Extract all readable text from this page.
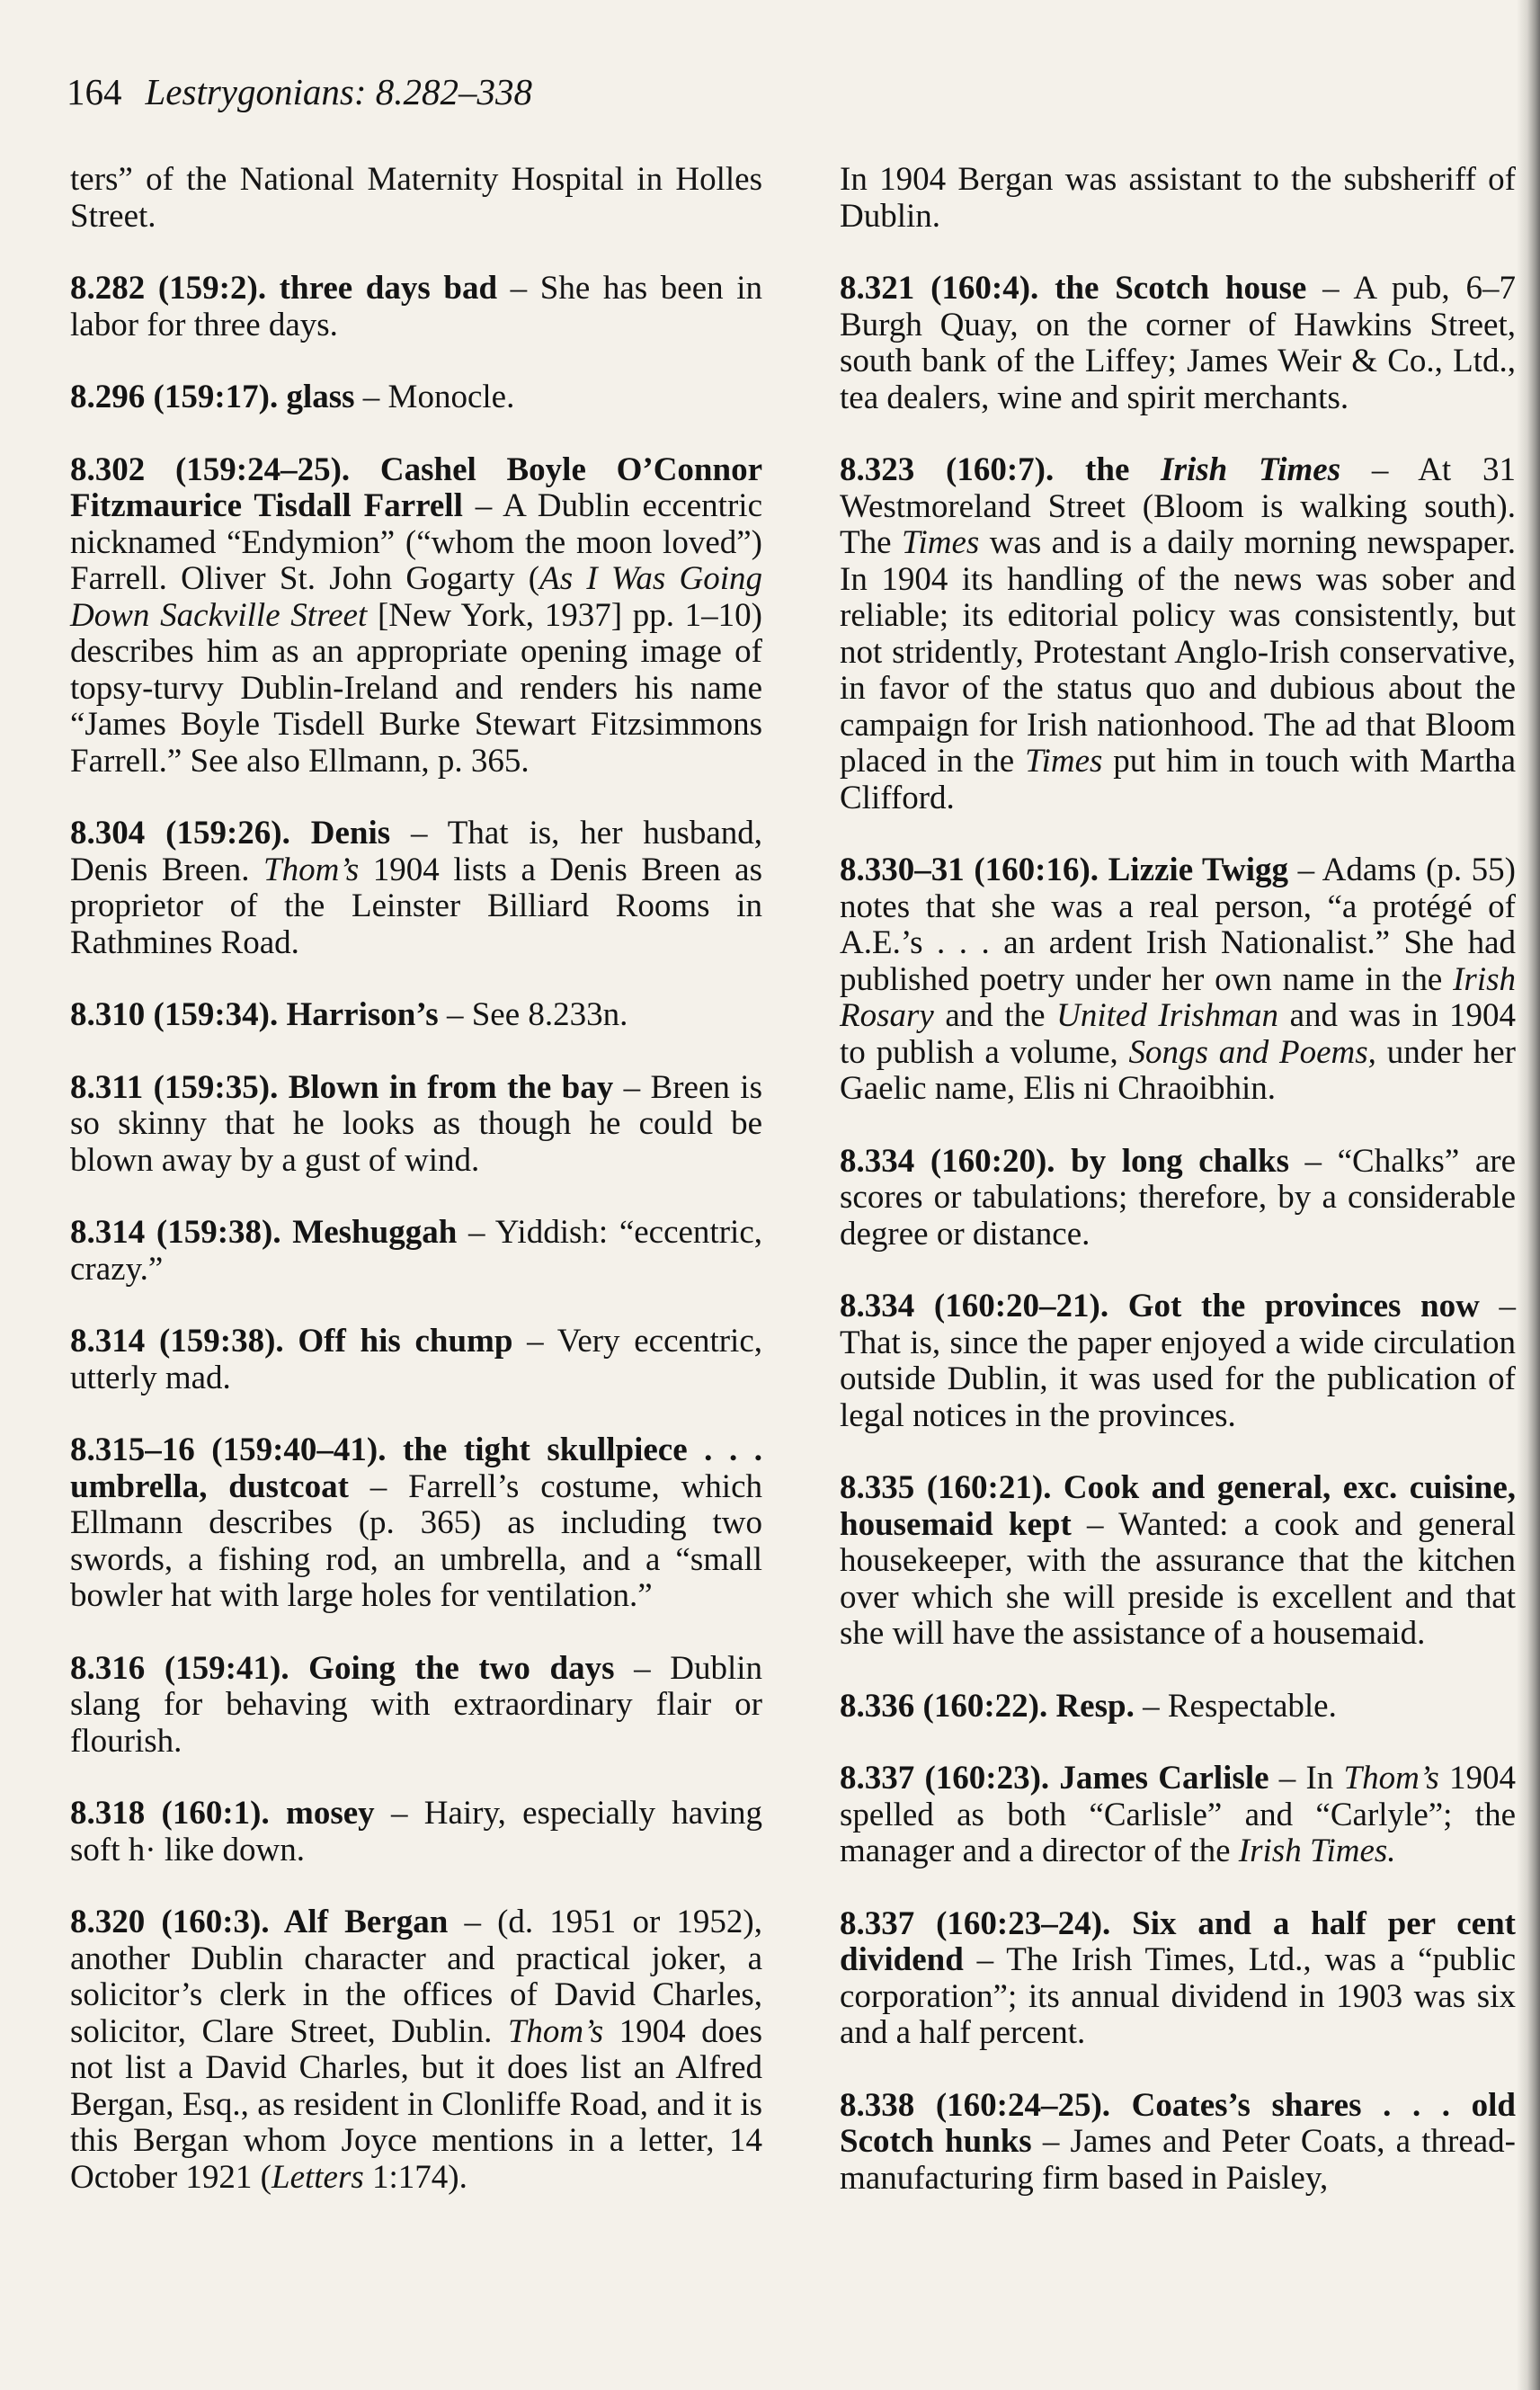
164 Lestrygonians: 8.282–338

ters” of the National Maternity Hospital in Holles Street.

8.282 (159:2). three days bad – She has been in labor for three days.

8.296 (159:17). glass – Monocle.

8.302 (159:24–25). Cashel Boyle O’Connor Fitzmaurice Tisdall Farrell – A Dublin eccentric nicknamed “Endymion” (“whom the moon loved”) Farrell. Oliver St. John Gogarty (As I Was Going Down Sackville Street [New York, 1937] pp. 1–10) describes him as an appropriate opening image of topsy-turvy Dublin-Ireland and renders his name “James Boyle Tisdell Burke Stewart Fitzsimmons Farrell.” See also Ellmann, p. 365.

8.304 (159:26). Denis – That is, her husband, Denis Breen. Thom’s 1904 lists a Denis Breen as proprietor of the Leinster Billiard Rooms in Rathmines Road.

8.310 (159:34). Harrison’s – See 8.233n.

8.311 (159:35). Blown in from the bay – Breen is so skinny that he looks as though he could be blown away by a gust of wind.

8.314 (159:38). Meshuggah – Yiddish: “eccentric, crazy.”

8.314 (159:38). Off his chump – Very eccentric, utterly mad.

8.315–16 (159:40–41). the tight skullpiece . . . umbrella, dustcoat – Farrell’s costume, which Ellmann describes (p. 365) as including two swords, a fishing rod, an umbrella, and a “small bowler hat with large holes for ventilation.”

8.316 (159:41). Going the two days – Dublin slang for behaving with extraordinary flair or flourish.

8.318 (160:1). mosey – Hairy, especially having soft h· like down.

8.320 (160:3). Alf Bergan – (d. 1951 or 1952), another Dublin character and practical joker, a solicitor’s clerk in the offices of David Charles, solicitor, Clare Street, Dublin. Thom’s 1904 does not list a David Charles, but it does list an Alfred Bergan, Esq., as resident in Clonliffe Road, and it is this Bergan whom Joyce mentions in a letter, 14 October 1921 (Letters 1:174).

In 1904 Bergan was assistant to the subsheriff of Dublin.

8.321 (160:4). the Scotch house – A pub, 6–7 Burgh Quay, on the corner of Hawkins Street, south bank of the Liffey; James Weir & Co., Ltd., tea dealers, wine and spirit merchants.

8.323 (160:7). the Irish Times – At 31 Westmoreland Street (Bloom is walking south). The Times was and is a daily morning newspaper. In 1904 its handling of the news was sober and reliable; its editorial policy was consistently, but not stridently, Protestant Anglo-Irish conservative, in favor of the status quo and dubious about the campaign for Irish nationhood. The ad that Bloom placed in the Times put him in touch with Martha Clifford.

8.330–31 (160:16). Lizzie Twigg – Adams (p. 55) notes that she was a real person, “a protégé of A.E.’s . . . an ardent Irish Nationalist.” She had published poetry under her own name in the Irish Rosary and the United Irishman and was in 1904 to publish a volume, Songs and Poems, under her Gaelic name, Elis ni Chraoibhin.

8.334 (160:20). by long chalks – “Chalks” are scores or tabulations; therefore, by a considerable degree or distance.

8.334 (160:20–21). Got the provinces now – That is, since the paper enjoyed a wide circulation outside Dublin, it was used for the publication of legal notices in the provinces.

8.335 (160:21). Cook and general, exc. cuisine, housemaid kept – Wanted: a cook and general housekeeper, with the assurance that the kitchen over which she will preside is excellent and that she will have the assistance of a housemaid.

8.336 (160:22). Resp. – Respectable.

8.337 (160:23). James Carlisle – In Thom’s 1904 spelled as both “Carlisle” and “Carlyle”; the manager and a director of the Irish Times.

8.337 (160:23–24). Six and a half per cent dividend – The Irish Times, Ltd., was a “public corporation”; its annual dividend in 1903 was six and a half percent.

8.338 (160:24–25). Coates’s shares . . . old Scotch hunks – James and Peter Coats, a thread-manufacturing firm based in Paisley,
